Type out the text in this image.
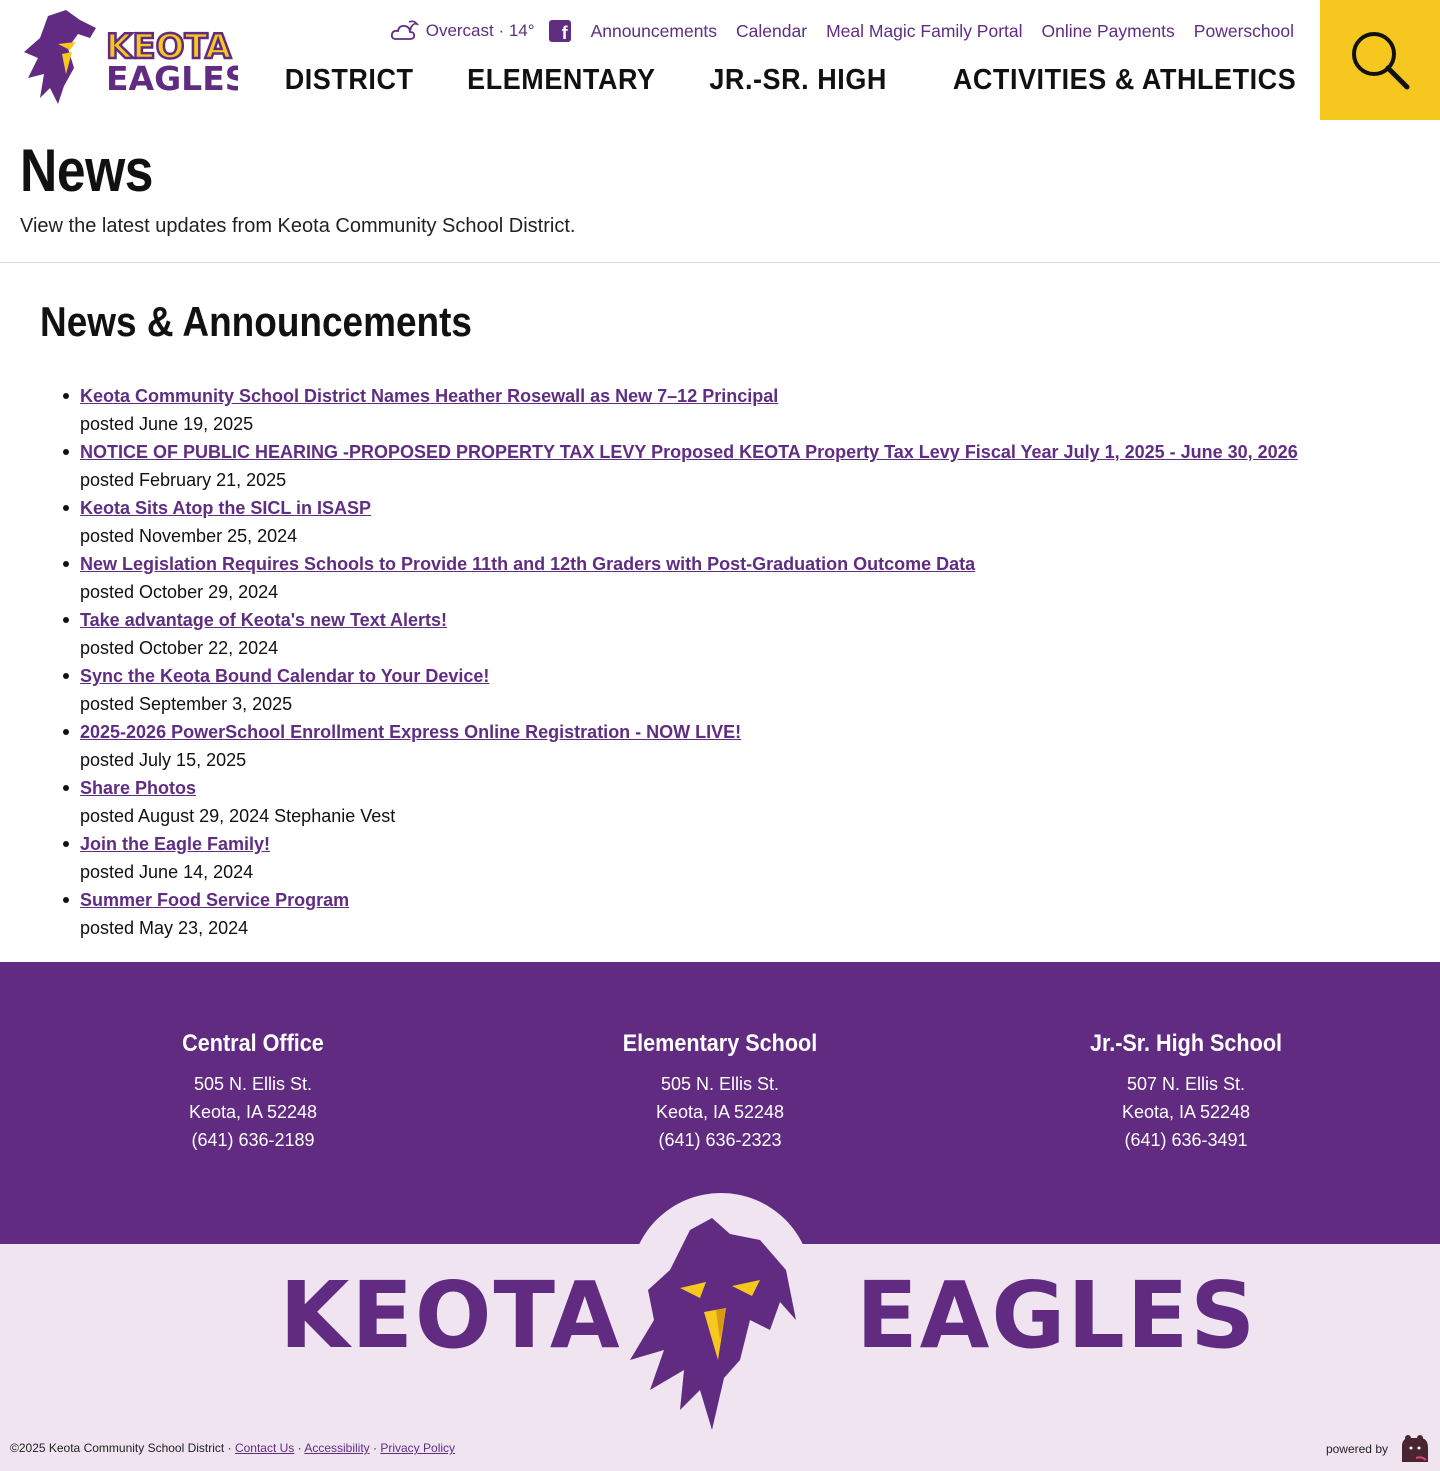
KEOTA
EAGLES
Overcast · 14°	f Announcements Calendar Meal Magic Family Portal Online Payments Powerschool
DISTRICT ELEMENTARY JR.-SR. HIGH ACTIVITIES & ATHLETICS
News

View the latest updates from Keota Community School District.

News & Announcements
Keota Community School District Names Heather Rosewall as New 7–12 Principal
posted June 19, 2025
NOTICE OF PUBLIC HEARING -PROPOSED PROPERTY TAX LEVY Proposed KEOTA Property Tax Levy Fiscal Year July 1, 2025 - June 30, 2026
posted February 21, 2025
Keota Sits Atop the SICL in ISASP
posted November 25, 2024
New Legislation Requires Schools to Provide 11th and 12th Graders with Post-Graduation Outcome Data
posted October 29, 2024
Take advantage of Keota's new Text Alerts!
posted October 22, 2024
Sync the Keota Bound Calendar to Your Device!
posted September 3, 2025
2025-2026 PowerSchool Enrollment Express Online Registration - NOW LIVE!
posted July 15, 2025
Share Photos
posted August 29, 2024 Stephanie Vest
Join the Eagle Family!
posted June 14, 2024
Summer Food Service Program
posted May 23, 2024
Central Office

505 N. Ellis St.

Keota, IA 52248

(641) 636-2189

Elementary School

505 N. Ellis St.

Keota, IA 52248

(641) 636-2323

Jr.-Sr. High School

507 N. Ellis St.

Keota, IA 52248

(641) 636-3491

KEOTA	EAGLES
©2025 Keota Community School District · Contact Us · Accessibility · Privacy Policy	powered by
